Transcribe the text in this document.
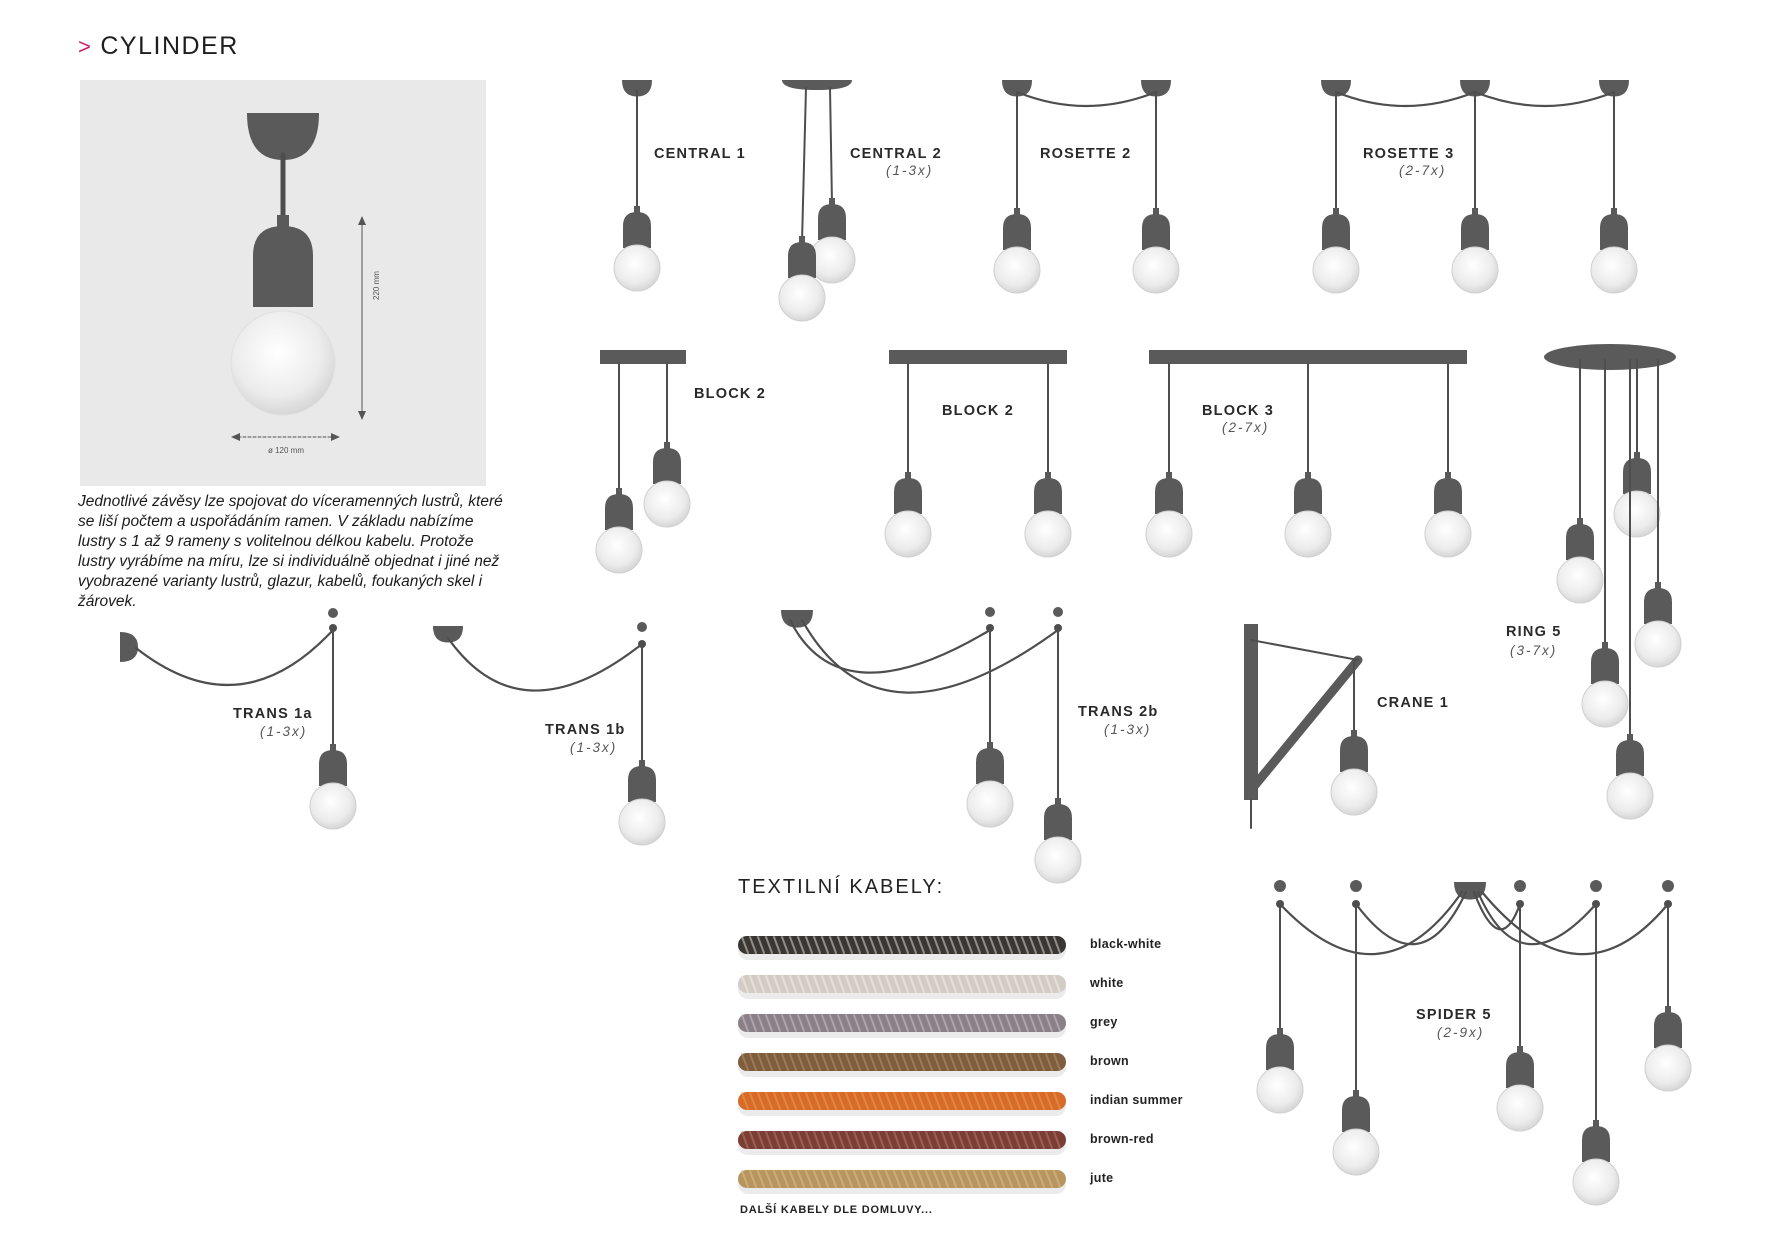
> CYLINDER
220 mm
ø 120 mm
Jednotlivé závěsy lze spojovat do víceramenných lustrů, které se liší počtem a uspořádáním ramen. V základu nabízíme lustry s 1 až 9 rameny s volitelnou délkou kabelu. Protože lustry vyrábíme na míru, lze si individuálně objednat i jiné než vyobrazené varianty lustrů, glazur, kabelů, foukaných skel i žárovek.
CENTRAL 1	CENTRAL 2
(1-3x)
ROSETTE 2	ROSETTE 3
(2-7x)
BLOCK 2
BLOCK 2	BLOCK 3
(2-7x)
RING 5
(3-7x)
TRANS 1a
(1-3x)	TRANS 1b
(1-3x)
TRANS 2b
(1-3x)
CRANE 1
SPIDER 5
(2-9x)
TEXTILNÍ KABELY:
black-white
white
grey
brown
indian summer
brown-red
jute
DALŠÍ KABELY DLE DOMLUVY...
